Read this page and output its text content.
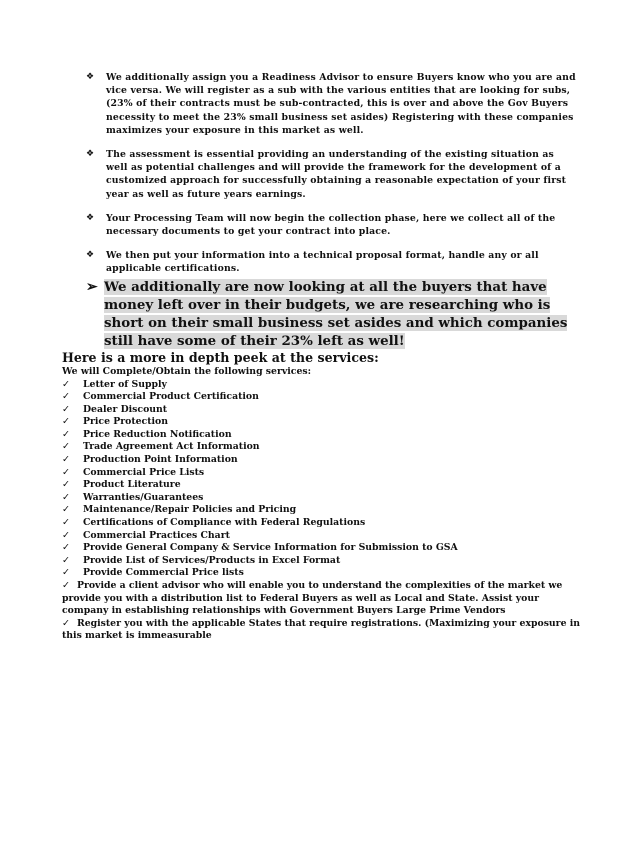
❖ We additionally assign you a Readiness Advisor to ensure Buyers know who you are and vice versa. We will register as a sub with the various entities that are looking for subs, (23% of their contracts must be sub-contracted, this is over and above the Gov Buyers necessity to meet the 23% small business set asides) Registering with these companies maximizes your exposure in this market as well.
❖ The assessment is essential providing an understanding of the existing situation as well as potential challenges and will provide the framework for the development of a customized approach for successfully obtaining a reasonable expectation of your first year as well as future years earnings.
❖ Your Processing Team will now begin the collection phase, here we collect all of the necessary documents to get your contract into place.
❖ We then put your information into a technical proposal format, handle any or all applicable certifications.
➢ We additionally are now looking at all the buyers that have money left over in their budgets, we are researching who is short on their small business set asides and which companies still have some of their 23% left as well!
Here is a more in depth peek at the services:
We will Complete/Obtain the following services:
✓ Letter of Supply
✓ Commercial Product Certification
✓ Dealer Discount
✓ Price Protection
✓ Price Reduction Notification
✓ Trade Agreement Act Information
✓ Production Point Information
✓ Commercial Price Lists
✓ Product Literature
✓ Warranties/Guarantees
✓ Maintenance/Repair Policies and Pricing
✓ Certifications of Compliance with Federal Regulations
✓ Commercial Practices Chart
✓ Provide General Company & Service Information for Submission to GSA
✓ Provide List of Services/Products in Excel Format
✓ Provide Commercial Price lists
✓ Provide a client advisor who will enable you to understand the complexities of the market we provide you with a distribution list to Federal Buyers as well as Local and State. Assist your company in establishing relationships with Government Buyers Large Prime Vendors
✓ Register you with the applicable States that require registrations. (Maximizing your exposure in this market is immeasurable
